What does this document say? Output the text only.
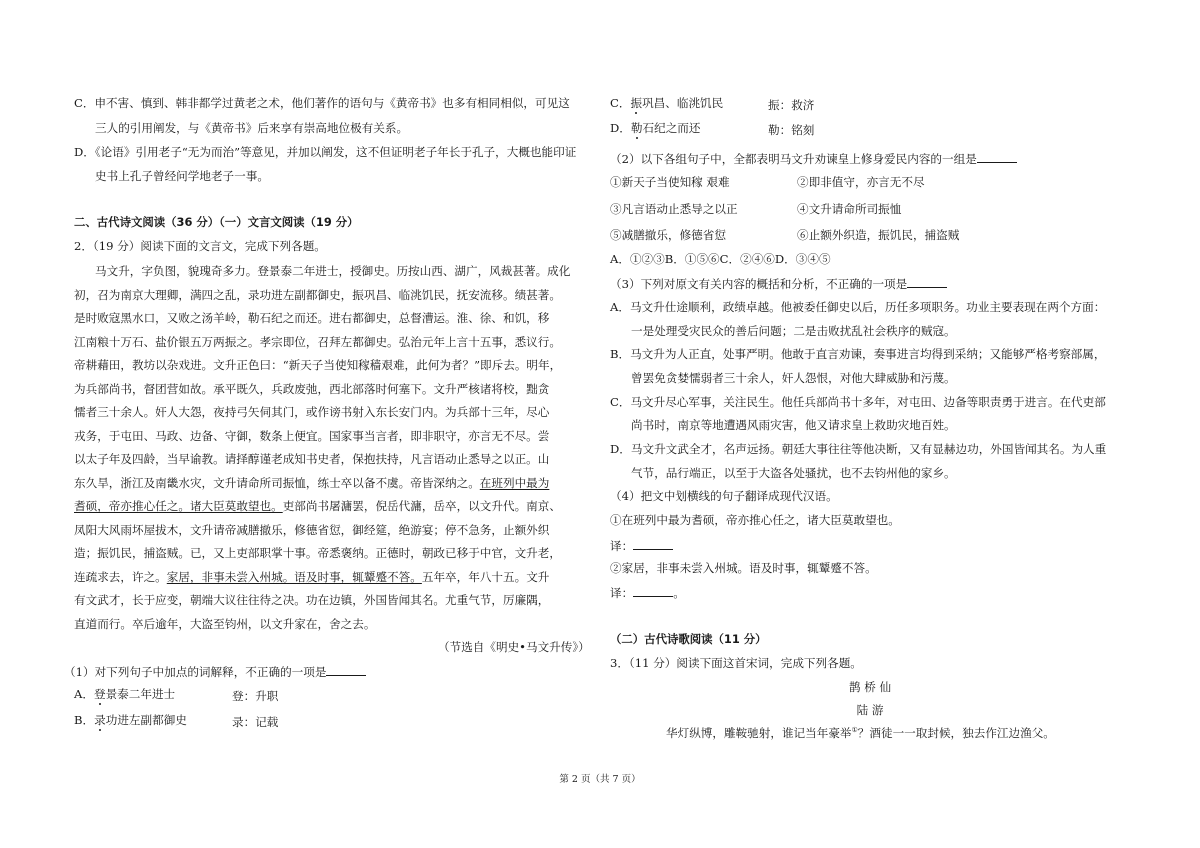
C．申不害、慎到、韩非都学过黄老之术，他们著作的语句与《黄帝书》也多有相同相似，可见这
三人的引用阐发，与《黄帝书》后来享有崇高地位极有关系。
D．《论语》引用老子“无为而治”等意见，并加以阐发，这不但证明老子年长于孔子，大概也能印证
史书上孔子曾经问学地老子一事。
二、古代诗文阅读（36 分）（一）文言文阅读（19 分）
2．（19 分）阅读下面的文言文，完成下列各题。
马文升，字负图，貌瑰奇多力。登景泰二年进士，授御史。历按山西、湖广，风裁甚著。成化
初，召为南京大理卿，满四之乱，录功进左副都御史，振巩昌、临洮饥民，抚安流移。绩甚著。
是时败寇黑水口，又败之汤羊岭，勒石纪之而还。进右都御史，总督漕运。淮、徐、和饥，移
江南粮十万石、盐价银五万两振之。孝宗即位，召拜左都御史。弘治元年上言十五事，悉议行。
帝耕藉田，教坊以杂戏进。文升正色曰：“新天子当使知稼穑艰难，此何为者？”即斥去。明年，
为兵部尚书，督团营如故。承平既久，兵政废弛，西北部落时何塞下。文升严核诸将校，黜贪
懦者三十余人。奸人大怨，夜持弓矢伺其门，或作谤书射入东长安门内。为兵部十三年，尽心
戎务，于屯田、马政、边备、守御，数条上便宜。国家事当言者，即非职守，亦言无不尽。尝
以太子年及四龄，当早谕教。请择醇谨老成知书史者，保抱扶持，凡言语动止悉导之以正。山
东久旱，浙江及南畿水灾，文升请命所司振恤，练士卒以备不虞。帝皆深纳之。在班列中最为
耆硕，帝亦推心任之。诸大臣莫敢望也。吏部尚书屠滽罢，倪岳代滽，岳卒，以文升代。南京、
凤阳大风雨坏屋拔木，文升请帝减膳撤乐，修德省愆，御经筵，绝游宴；停不急务，止额外织
造；振饥民，捕盗贼。已，又上吏部职掌十事。帝悉褒纳。正德时，朝政已移于中官，文升老，
连疏求去，许之。家居，非事未尝入州城。语及时事，辄颦蹙不答。五年卒，年八十五。文升
有文武才，长于应变，朝端大议往往待之决。功在边镇，外国皆闻其名。尤重气节，厉廉隅，
直道而行。卒后逾年，大盗至钧州，以文升家在，舍之去。
（节选自《明史•马文升传》）
（1）对下列句子中加点的词解释，不正确的一项是
A．登景泰二年进士	登：升职
B．录功进左副都御史	录：记载
C．振巩昌、临洮饥民	振：救济
D．勒石纪之而还	勒：铭刻
（2）以下各组句子中，全都表明马文升劝谏皇上修身爱民内容的一组是
①新天子当使知稼 艰难	②即非值守，亦言无不尽
③凡言语动止悉导之以正	④文升请命所司振恤
⑤减膳撤乐，修德省愆	⑥止额外织造，振饥民，捕盗贼
A．①②③B．①⑤⑥C．②④⑥D．③④⑤
（3）下列对原文有关内容的概括和分析，不正确的一项是
A．马文升仕途顺利，政绩卓越。他被委任御史以后，历任多项职务。功业主要表现在两个方面：
一是处理受灾民众的善后问题；二是击败扰乱社会秩序的贼寇。
B．马文升为人正直，处事严明。他敢于直言劝谏，奏事进言均得到采纳；又能够严格考察部属，
曾罢免贪婪懦弱者三十余人，奸人怨恨，对他大肆威胁和污蔑。
C．马文升尽心军事，关注民生。他任兵部尚书十多年，对屯田、边备等职责勇于进言。在代吏部
尚书时，南京等地遭遇风雨灾害，他又请求皇上救助灾地百姓。
D．马文升文武全才，名声远扬。朝廷大事往往等他决断，又有显赫边功，外国皆闻其名。为人重
气节，品行端正，以至于大盗各处骚扰，也不去钧州他的家乡。
（4）把文中划横线的句子翻译成现代汉语。
①在班列中最为耆硕，帝亦推心任之，诸大臣莫敢望也。
译：
②家居，非事未尝入州城。语及时事，辄颦蹙不答。
译：	。
（二）古代诗歌阅读（11 分）
3．（11 分）阅读下面这首宋词，完成下列各题。
鹊 桥 仙
陆 游
华灯纵博，雕鞍驰射，谁记当年豪举①？酒徒一一取封候，独去作江边渔父。
第 2 页（共 7 页）
